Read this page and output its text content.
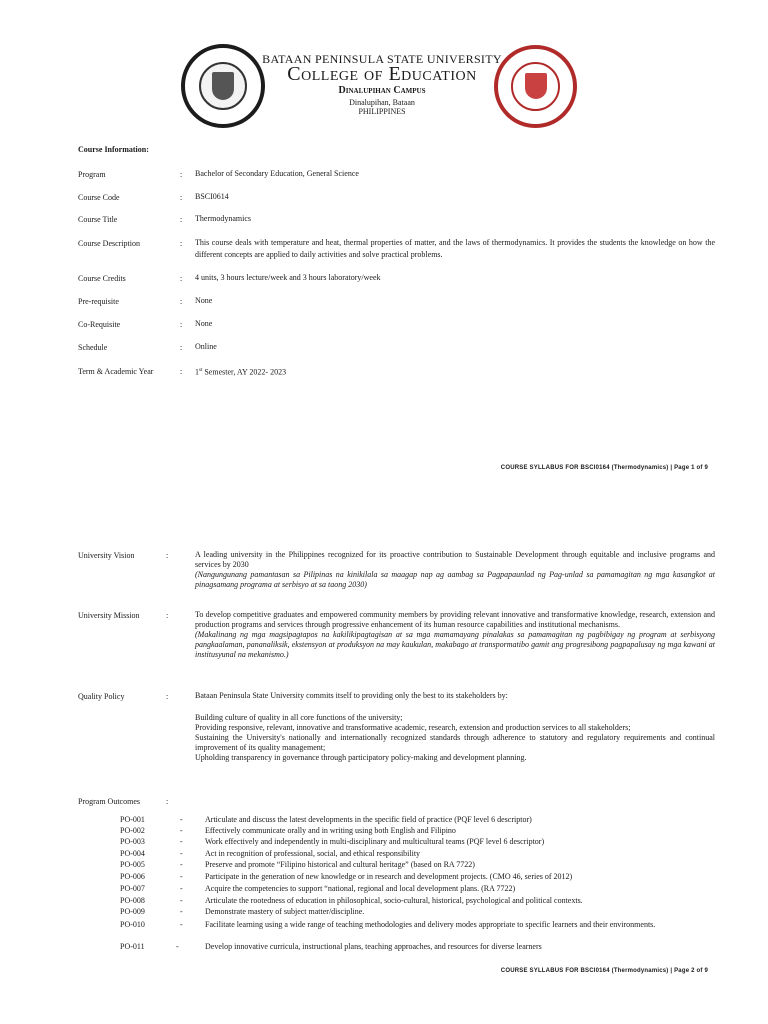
BATAAN PENINSULA STATE UNIVERSITY
College of Education
Dinalupihan Campus
Dinalupihan, Bataan
PHILIPPINES
Course Information:
Program	: Bachelor of Secondary Education, General Science
Course Code	: BSCI0614
Course Title	: Thermodynamics
Course Description	: This course deals with temperature and heat, thermal properties of matter, and the laws of thermodynamics. It provides the students the knowledge on how the different concepts are applied to daily activities and solve practical problems.
Course Credits	: 4 units, 3 hours lecture/week and 3 hours laboratory/week
Pre-requisite	: None
Co-Requisite	: None
Schedule	: Online
Term & Academic Year	: 1st Semester, AY 2022- 2023
COURSE SYLLABUS FOR BSCI0164 (Thermodynamics) | Page 1 of 9
University Vision	:	A leading university in the Philippines recognized for its proactive contribution to Sustainable Development through equitable and inclusive programs and services by 2030
(Nangungunang pamantasan sa Pilipinas na kinikilala sa maagap nap ag aambag sa Pagpapaunlad ng Pag-unlad sa pamamagitan ng mga kasangkot at pinagsamang programa at serbisyo at sa taong 2030)
University Mission	:	To develop competitive graduates and empowered community members by providing relevant innovative and transformative knowledge, research, extension and production programs and services through progressive enhancement of its human resource capabilities and institutional mechanisms.
(Makalinang ng mga magsipagtapos na kakilikipagtagisan at sa mga mamamayang pinalakas sa pamamagitan ng pagbibigay ng program at serbisyong pangkaalaman, pananaliksik, ekstensyon at produksyon na may kaukulan, makabago at transpormatibo gamit ang progresibong pagpapalusay ng mga kawani at institusyunal na mekanismo.)
Quality Policy	:	Bataan Peninsula State University commits itself to providing only the best to its stakeholders by:
Building culture of quality in all core functions of the university;
Providing responsive, relevant, innovative and transformative academic, research, extension and production services to all stakeholders;
Sustaining the University's nationally and internationally recognized standards through adherence to statutory and regulatory requirements and continual improvement of its quality management;
Upholding transparency in governance through participatory policy-making and development planning.
Program Outcomes	:
PO-001	-	Articulate and discuss the latest developments in the specific field of practice (PQF level 6 descriptor)
PO-002	-	Effectively communicate orally and in writing using both English and Filipino
PO-003	-	Work effectively and independently in multi-disciplinary and multicultural teams (PQF level 6 descriptor)
PO-004	-	Act in recognition of professional, social, and ethical responsibility
PO-005	-	Preserve and promote “Filipino historical and cultural heritage” (based on RA 7722)
PO-006	-	Participate in the generation of new knowledge or in research and development projects. (CMO 46, series of 2012)
PO-007	-	Acquire the competencies to support “national, regional and local development plans. (RA 7722)
PO-008	-	Articulate the rootedness of education in philosophical, socio-cultural, historical, psychological and political contexts.
PO-009	-	Demonstrate mastery of subject matter/discipline.
PO-010	-	Facilitate learning using a wide range of teaching methodologies and delivery modes appropriate to specific learners and their environments.
PO-011	-	Develop innovative curricula, instructional plans, teaching approaches, and resources for diverse learners
COURSE SYLLABUS FOR BSCI0164 (Thermodynamics) | Page 2 of 9
